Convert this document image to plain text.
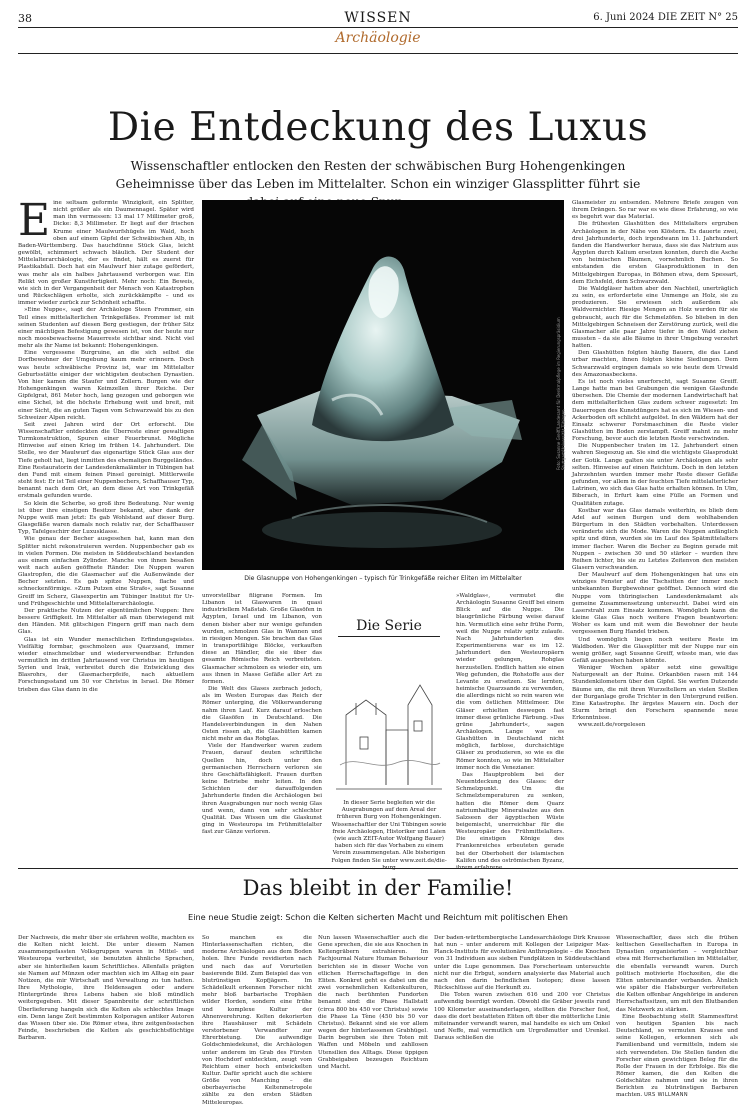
38	WISSEN
Archäologie
6. Juni 2024 DIE ZEIT N° 25
Die Entdeckung des Luxus
Wissenschaftler entlocken den Resten der schwäbischen Burg Hohengenkingen Geheimnisse über das Leben im Mittelalter. Schon ein winziger Glassplitter führt sie
E ine seltsam geformte Winzigkeit, ein Splitter, nicht größer als ein Daumennagel. Später wird man ihn vermessen: 13 mal 17 Millimeter groß, Dicke: 8,3 Millimeter. Er liegt auf der frischen Krume einer Maulwurfshügels im Wald, hoch oben auf einem Gipfel der Schwäbischen Alb, in Baden-Württemberg. Das hauchdünne Stück Glas, leicht gewölbt, schimmert schwach bläulich. Der Student der Mittelalterarchäologie, der es findet, hält es zuerst für Plastikabfall. Doch hat ein Maulwurf hier zutage gefördert, was mehr als ein halbes Jahrtausend verborgen war. Ein Relikt von großer Kunstfertigkeit. Mehr noch: Ein Beweis, wie sich in der Vergangenheit der Mensch von Katastrophen und Rückschlägen erholte, sich zurückkämpfte – und es immer wieder zurück zur Schönheit schaffte.

»Eine Nuppe«, sagt der Archäologe Steen Frommer, ein Teil eines mittelalterlichen Trinkgefäßes. Frommer ist mit seinen Studenten auf diesen Berg gestiegen, der früher Sitz einer mächtigen Befestigung gewesen ist, von der heute nur noch moosbewachsene Mauerreste sichtbar sind. Nicht viel mehr als ihr Name ist bekannt: Hohengenkingen.

Eine vergessene Burgruine, an die sich selbst die Dorfbewohner der Umgebung kaum mehr erinnern. Doch was heute schwäbische Provinz ist, war im Mittelalter Geburtsstätte einiger der wichtigsten deutschen Dynastien. Von hier kamen die Staufer und Zollern. Burgen wie der Hohengenkingen waren Keimzellen ihrer Reiche. Der Gipfelgrat, 861 Meter hoch, lang gezogen und geborgen wie eine Sichel, ist die höchste Erhebung weit und breit, mit einer Sicht, die an guten Tagen vom Schwarzwald bis zu den Schweizer Alpen reicht.

Seit zwei Jahren wird der Ort erforscht. Die Wissenschaftler entdeckten die Überreste einer gewaltigen Turmkonstruktion, Spuren einer Feuerbrunst. Mögliche Hinweise auf einen Krieg im frühen 14. Jahrhundert. Die Stelle, wo der Maulwurf das eigenartige Stück Glas aus der Tiefe geholt hat, liegt inmitten des ehemaligen Burggeländes. Eine Restauratorin der Landesdenkmalämter in Tübingen hat den Fund mit einem feinen Pinsel gereinigt. Mittlerweile steht fest: Er ist Teil einer Nuppenbechers, Schaffhauser Typ, benannt nach dem Ort, an dem diese Art von Trinkgefäß erstmals gefunden wurde.

So klein die Scherbe, so groß ihre Bedeutung. Nur wenig ist über ihre einstigen Besitzer bekannt, aber dank der Nuppe weiß man jetzt: Es gab Wohlstand auf dieser Burg. Glasgefäße waren damals noch relativ rar, der Schaffhauser Typ, Tafelgeschirr der Luxusklasse.

Wie genau der Becher ausgesehen hat, kann man den Splitter nicht rekonstruieren werden. Nuppenbecher gab es in vielen Formen. Die meisten in Süddeutschland bestanden aus einem einfachen Zylinder. Manche von ihnen besaßen weit nach außen geöffnete Ränder. Die Nuppen waren Glastropfen, die die Glasmacher auf die Außenwände der Becher setzten. Es gab spitze Nuppen, flache und schneckenförmige. »Zum Putzen eine Strafe«, sagt Susanne Greiff im Scherz, Glasexpertin am Tübinger Institut für Ur- und Frühgeschichte und Mittelalterarchäologie.

Der praktische Nutzen der eigentümlichen Nuppen: Ihre bessere Griffigkeit. Im Mittelalter aß man überwiegend mit den Händen. Mit glitschigen Fingern griff man nach dem Glas.

Glas ist ein Wunder menschlichen Erfindungsgeistes. Vielfältig formbar, geschmolzen aus Quarzsand, immer wieder einschmelzbar und wiederverwendbar. Erfunden vermutlich im dritten Jahrtausend vor Christus im heutigen Syrien und Irak, verbreitet durch die Entwicklung des Blasrohrs, der Glasmacherpfeife, nach aktuellem Forschungsstand um 50 vor Christus in Israel. Die Römer trieben das Glas dann in die

Foto: Susanne Greiff/Landesamt für Denkmalpflege im Regierungspräsidium Stuttgart/Universität Tübingen
Die Glasnuppe von Hohengenkingen – typisch für Trinkgefäße reicher Eliten im Mittelalter

unvorstellbar filigrane Formen. Im Libanon ist Glaswaren in quasi industriellem Maßstab. Große Glasöfen in Ägypten, Israel und im Libanon, von denen bisher aber nur wenige gefunden wurden, schmolzen Glas in Wannen und in riesigen Mengen. Sie brachen das Glas in transportfähige Blöcke, verkauften diese an Händler, die sie über das gesamte Römische Reich verbreiteten. Glasmacher schmolzen es wieder ein, um aus ihnen in Masse Gefäße aller Art zu formen.

Die Welt des Glases zerbrach jedoch, als im Westen Europas das Reich der Römer unterging, die Völkerwanderung nahm ihren Lauf. Kurz darauf erloschen die Glasöfen in Deutschland. Die Handelsverbindungen in den Nahen Osten rissen ab, die Glashütten kamen nicht mehr an das Rohglas.

Viele der Handwerker waren zudem Frauen, darauf deuten schriftliche Quellen hin, doch unter den germanischen Herrschern verloren sie ihre Geschäftsfähigkeit. Frauen durften keine Betriebe mehr leiten. In den Schichten der darauffolgenden Jahrhunderte finden die Archäologen bei ihren Ausgrabungen nur noch wenig Glas und wenn, dann von sehr schlechter Qualität. Das Wissen um die Glaskunst ging in Westeuropa im Frühmittelalter fast zur Gänze verloren.

Die Serie
In dieser Serie begleiten wir die Ausgrabungen auf dem Areal der früheren Burg von Hohengenkingen. Wissenschaftler der Uni Tübingen sowie freie Archäologen, Historiker und Laien (wie auch ZEIT-Autor Wolfgang Bauer) haben sich für das Vorhaben zu einem Verein zusammengetan. Alle bisherigen Folgen finden Sie unter www.zeit.de/die-

»Waldglas«, vermutet die Archäologin Susanne Greiff bei einem Blick auf die Nuppe. Die blaugrünliche Färbung weise darauf hin. Vermutlich eine sehr frühe Form, weil die Nuppe relativ spitz zulaufe. Nach Jahrhunderten des Experimentierens war es im 12. Jahrhundert den Westeuropäern wieder gelungen, Rohglas herzustellen. Endlich hatten sie einen Weg gefunden, die Rohstoffe aus der Levante zu ersetzen. Sie lernten, heimische Quarzsande zu verwenden, die allerdings nicht so rein waren wie die vom östlichen Mittelmeer. Die Gläser erhielten deswegen fast immer diese grünliche Färbung. »Das grüne Jahrhundert«, sagen Archäologen. Lange war es Glashütten in Deutschland nicht möglich, farblose, durchsichtige Gläser zu produzieren, so wie es die Römer konnten, so wie im Mittelalter immer noch die Venezianer.

Das Hauptproblem bei der Neuentdeckung des Glases: der Schmelzpunkt. Um die Schmelztemperaturen zu senken, hatten die Römer dem Quarz natriumhaltige Mineralsalze aus den Salzseen der ägyptischen Wüste beigemischt, unerreichbar für die Westeuropäer des Frühmittelalters. Die einstigen Könige des Frankenreiches erbeuteten gerade bei der Oberhoheit der islamischen Kalifen und des oströmischen Byzanz,

Glasmeister zu entsenden. Mehrere Briefe zeugen von ihrem Drängen. So rar war es wie diese Erfahrung, so wie es begehrt war das Material.

Die frühesten Glashütten des Mittelalters ergruben Archäologen in der Nähe von Klöstern. Es dauerte zwei, drei Jahrhunderte, doch irgendwann im 11. Jahrhundert fanden die Handwerker heraus, dass sie das Natrium aus Ägypten durch Kalium ersetzen konnten, durch die Asche von heimischen Bäumen, vornehmlich Buchen. So entstanden die ersten Glasproduktionen in den Mittelgebirgen Europas, in Böhmen etwa, dem Spessart, dem Eichsfeld, dem Schwarzwald.

Die Waldgläser hatten aber den Nachteil, unerträglich zu sein, es erfordertete eine Unmenge an Holz, sie zu produzieren. Sie erwiesen sich außerdem als Waldvernichter. Riesige Mengen an Holz wurden für sie gebraucht, auch für die Schmelzöfen. So blieben in den Mittelgebirgen Schneisen der Zerstörung zurück, weil die Glasmacher alle paar Jahre tiefer in den Wald ziehen mussten – da sie alle Bäume in ihrer Umgebung verzehrt hatten.

Den Glashütten folgten häufig Bauern, die das Land urbar machten, ihnen folgten kleine Siedlungen. Dem Schwarzwald ergingen damals so wie heute dem Urwald des Amazonasbeckens.

Es ist noch vieles unerforscht, sagt Susanne Greiff. Lange hatte man bei Grabungen die wenigen Glasfunde übersehen. Die Chemie der modernen Landwirtschaft hat dem mittelalterlichen Glas zudem schwer zugesetzt: Im Dauerregen des Kunstdüngers hat es sich im Wiesen- und Ackerboden oft schlicht aufgelöst. In den Wäldern hat der Einsatz schwerer Forstmaschinen die Reste vieler Glashütten im Boden zerstampft. Greiff mahnt zu mehr Forschung, bevor auch die letzten Reste verschwinden.

Die Nuppenbecher traten im 12. Jahrhundert einen wahren Siegeszug an. Sie sind die wichtigste Glasprodukt der Gotik. Lange galten sie unter Archäologen als sehr selten. Hinweise auf einen Reichtum. Doch in den letzten Jahrzehnten wurden immer mehr Reste dieser Gefäße gefunden, vor allem in der feuchten Tiefe mittelalterlicher Latrinen, wo sich das Glas hatte erhalten können. In Ulm, Biberach, in Erfurt kam eine Fülle an Formen und Qualitäten zutage.

Kostbar war das Glas damals weiterhin, es blieb dem Adel auf seinen Burgen und dem wohlhabenden Bürgertum in den Städten vorbehalten. Unterdessen veränderte sich die Mode. Waren die Nuppen anfänglich spitz und dünn, wurden sie im Lauf des Spätmittelalters immer flacher. Waren die Becher zu Beginn gerade mit Nuppen – zwischen 30 und 50 stärker – wurden ihre Reihen lichter, bis sie zu Letztes Zeitenvon den meisten Glasern verschwanden.

Der Maulwurf auf dem Hohengenkingen hat uns ein winziges Fenster auf die Tischsitten der immer noch unbekannten Burgbewohner geöffnet. Dennoch wird die Nuppe vom thüringischen Landesdenkmalamt als gemeine Zusammensetzung untersucht. Dabei wird ein Laserstrahl zum Einsatz kommen. Womöglich kann die kleine Glas Glas noch weitere Fragen beantworten: Woher es kam und mit wem die Bewohner der heute vergessenen Burg Handel trieben.

Und womöglich liegen noch weitere Reste im Waldboden. Wer die Glassplitter mit der Nuppe nur ein wenig größer, sagt Susanne Greiff, wüsste man, wie das Gefäß ausgesehen haben könnte.

Weniger Wochen später setzt eine gewaltige Naturgewalt an der Ruine. Orkanböen rasen mit 144 Stundenkilometern über den Gipfel. Sie werfen Dutzende Bäume um, die mit ihren Wurzeltellern an vielen Stellen der Burganlage große Trichter in den Untergrund reißen. Eine Katastrophe. Ihr ärgstes Mauern ein. Doch der Sturm bringt den Forschern spannende neue Erkenntnisse.

www.zeit.de/vorgelesen

Das bleibt in der Familie!
Eine neue Studie zeigt: Schon die Kelten sicherten Macht und Reichtum mit politischen Ehen

Der Nachweis, die mehr über sie erfahren wollte, machten es die Kelten nicht leicht. Die unter diesem Namen zusammengefassten Volksgruppen waren in Mittel- und Westeuropa verbreitet, sie benutzten ähnliche Sprachen, aber sie hinterließen kaum Schriftliches. Allenfalls prägten sie Namen auf Münzen oder machten sich im Alltag ein paar Notizen, die mir Wirtschaft und Verwaltung zu tun hatten. Ihre Mythologie, ihre Heldensagen oder andere Hintergründe ihres Lebens haben sie bloß mündlich weitergegeben. Mit dieser Spannbreite der schriftlichen Überlieferung hangeln sich die Kelten als schlechtes Image ein. Denn lange Zeit bestimmten Kolporagen antiker Autoren das Wissen über sie. Die Römer etwa, ihre zeitgenössischen Feinde, beschrieben die Kelten als geschichtsflüchtige Barbaren.

So manchen es die Hinterlassenschaften richten, die moderne Archäologen aus dem Boden holen. Ihre Funde revidierten nach und nach das auf Vorurteilen basierende Bild. Zum Beispiel das von blutrünstigen Kopfjägern. Im Schädelkult erkennen Forscher nicht mehr bloß barbarische Trophäen wilder Horden, sondern eine frühe und komplexe Kultur der Ahnenverehrung. Kelten dekorierten ihre Haushäuser mit Schädeln verstorbener Verwandter zur Ehrerbietung. Die aufwendige Goldschmiedekunst, die Archäologen unter anderem im Grab des Fürsten von Hochdorf entdeckten, zeugt vom Reichtum einer hoch entwickelten Kultur. Dafür spricht auch die schiere Größe von Manching – die oberbayerische Keltenmetropole zählte zu den ersten Städten Mitteleuropas.

Nun lassen Wissenschaftler auch die Gene sprechen, die sie aus Knochen in Keltengräbern extrahieren. Im Fachjournal Nature Human Behaviour berichten sie in dieser Woche von etlichen Herrschaftsgefüge in den Eliten. Konkret geht es dabei um die zwei vornehmlichen Keltenkulturen, die nach berühmten Fundorten benannt sind: die Phase Hallstatt (circa 800 bis 450 vor Christus) sowie die Phase La Tène (450 bis 50 vor Christus). Bekannt sind sie vor allem wegen der hinterlassenen Grabhügel. Darin begruben sie ihre Toten mit Waffen und Möbeln und zahllosen Utensilien des Alltags. Diese üppigen Grabbeigaben bezeugen Reichtum und Macht.

Der baden-württembergische Landesarchäologe Dirk Krausse hat nun – unter anderem mit Kollegen der Leipziger Max-Planck-Instituts für evolutionäre Anthropologie – die Knochen von 31 Individuen aus sieben Fundplätzen in Süddeutschland unter die Lupe genommen. Das Forscherteam untersuchte nicht nur die Erbgut, sondern analysierte das Material auch nach den darin befindlichen Isotopen; diese lassen Rückschlüsse auf die Herkunft zu.

Die Toten waren zwischen 616 und 200 vor Christus aufwendig beerdigt worden. Obwohl die Gräber jeweils rund 100 Kilometer auseinanderlagen, stellten die Forscher fest, dass die dort bestatteten Eliten oft über die mütterliche Linie miteinander verwandt waren, mal handelte es sich um Onkel und Neffe, mal vermutlich um Urgroßmutter und Urenkel. Daraus schließen die

Wissenschaftler, dass sich die frühen keltischen Gesellschaften in Europa in Dynastien organisierten – vergleichbar etwa mit Herrscherfamilien im Mittelalter, die ebenfalls verwandt waren. Durch politisch motivierte Hochzeiten, die die Eliten untereinander verbanden. Ähnlich wie später die Habsburger verbreiteten die Kelten offenbar Angehörige in anderen Herrschaftssitzen, um mit den Blutbanden das Netzwerk zu stärken.

Eine Beobachtung stellt Stammesfürst von heutigen Spanien bis nach Deutschland, so vermuten Krausse und seine Kollegen, erkennen sich als Familienband und vermitteln, indem sie sich verwendeten. Die Stellen fanden die Forscher einen gewichtigen Beleg für die Rolle der Frauen in der Erbfolge. Bis die Römer kamen, die den Kelten die Goldschätze nahmen und sie in ihren Berichten zu blutrünstigen Barbaren machten. URS WILLMANN
